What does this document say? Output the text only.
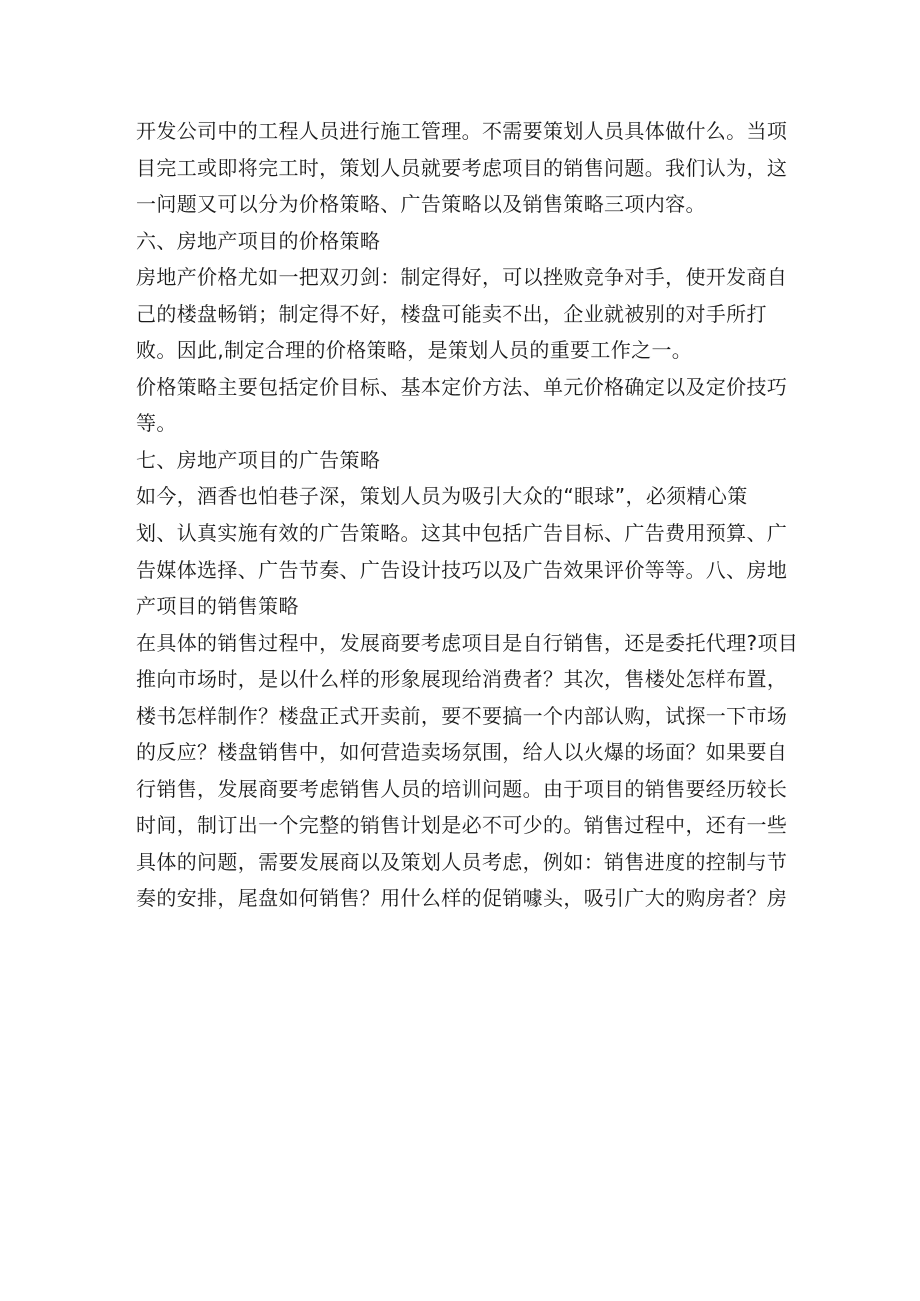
开发公司中的工程人员进行施工管理。不需要策划人员具体做什么。当项

目完工或即将完工时，策划人员就要考虑项目的销售问题。我们认为，这

一问题又可以分为价格策略、广告策略以及销售策略三项内容。

六、房地产项目的价格策略

房地产价格尤如一把双刃剑：制定得好，可以挫败竞争对手，使开发商自

己的楼盘畅销；制定得不好，楼盘可能卖不出，企业就被别的对手所打

败。因此,制定合理的价格策略，是策划人员的重要工作之一。

价格策略主要包括定价目标、基本定价方法、单元价格确定以及定价技巧

等。

七、房地产项目的广告策略

如今，酒香也怕巷子深，策划人员为吸引大众的“眼球”，必须精心策

划、认真实施有效的广告策略。这其中包括广告目标、广告费用预算、广

告媒体选择、广告节奏、广告设计技巧以及广告效果评价等等。八、房地

产项目的销售策略

在具体的销售过程中，发展商要考虑项目是自行销售，还是委托代理?项目

推向市场时，是以什么样的形象展现给消费者？其次，售楼处怎样布置，

楼书怎样制作？楼盘正式开卖前，要不要搞一个内部认购，试探一下市场

的反应？楼盘销售中，如何营造卖场氛围，给人以火爆的场面？如果要自

行销售，发展商要考虑销售人员的培训问题。由于项目的销售要经历较长

时间，制订出一个完整的销售计划是必不可少的。销售过程中，还有一些

具体的问题，需要发展商以及策划人员考虑，例如：销售进度的控制与节

奏的安排，尾盘如何销售？用什么样的促销噱头，吸引广大的购房者？房
